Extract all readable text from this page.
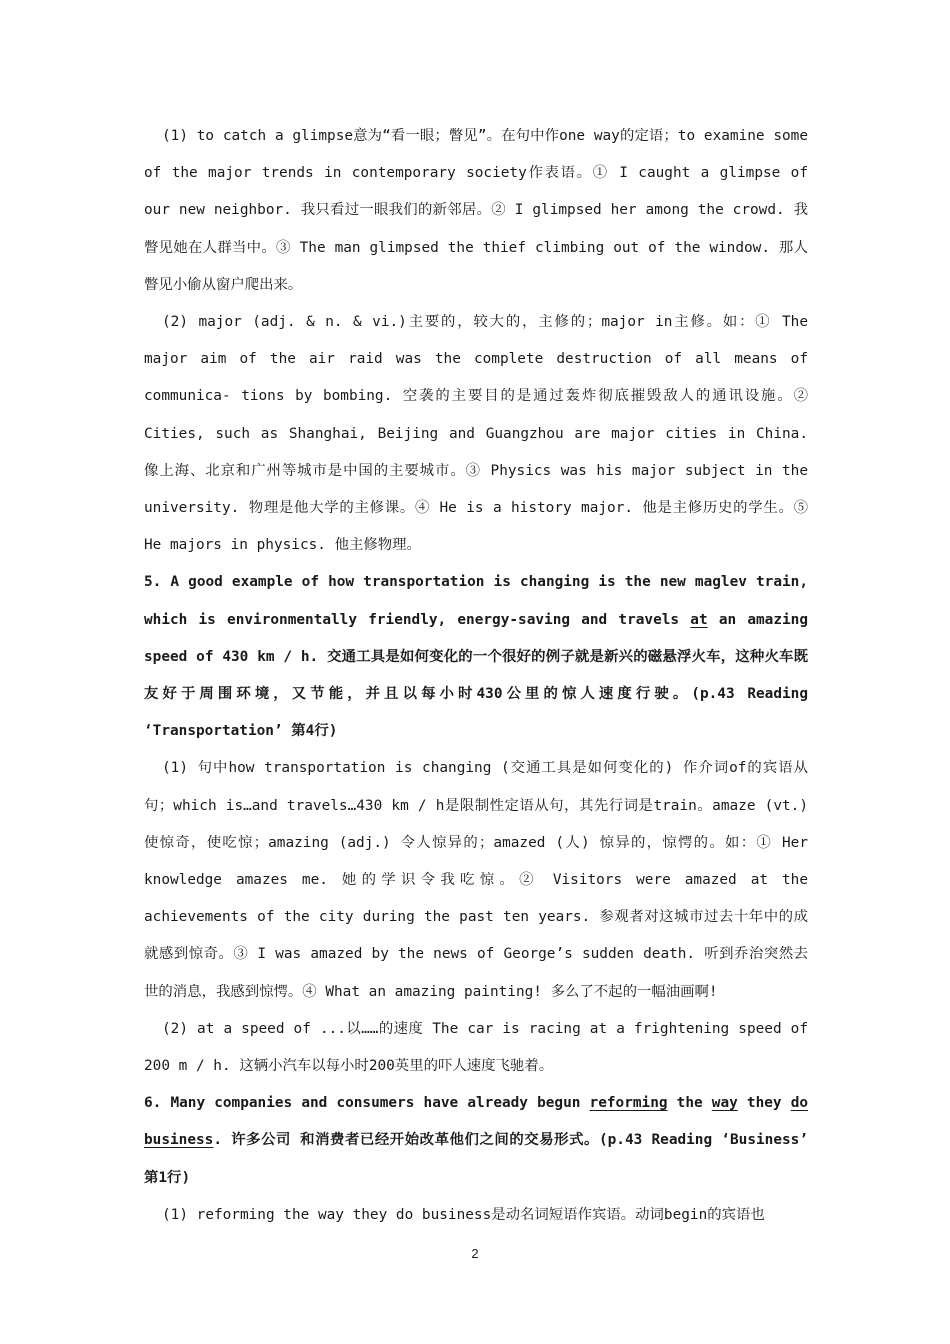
(1) to catch a glimpse意为“看一眼；瞥见”。在句中作one way的定语；to examine some of the major trends in contemporary society作表语。① I caught a glimpse of our new neighbor. 我只看过一眼我们的新邻居。② I glimpsed her among the crowd. 我瞥见她在人群当中。③ The man glimpsed the thief climbing out of the window. 那人瞥见小偷从窗户爬出来。

(2) major (adj. & n. & vi.)主要的，较大的，主修的；major in主修。如：① The major aim of the air raid was the complete destruction of all means of communica- tions by bombing. 空袭的主要目的是通过轰炸彻底摧毁敌人的通讯设施。② Cities, such as Shanghai, Beijing and Guangzhou are major cities in China. 像上海、北京和广州等城市是中国的主要城市。③ Physics was his major subject in the university. 物理是他大学的主修课。④ He is a history major. 他是主修历史的学生。⑤ He majors in physics. 他主修物理。

5. A good example of how transportation is changing is the new maglev train, which is environmentally friendly, energy-saving and travels at an amazing speed of 430 km / h. 交通工具是如何变化的一个很好的例子就是新兴的磁悬浮火车，这种火车既友好于周围环境，又节能，并且以每小时430公里的惊人速度行驶。(p.43 Reading ‘Transportation’ 第4行)

(1) 句中how transportation is changing (交通工具是如何变化的) 作介词of的宾语从句；which is…and travels…430 km / h是限制性定语从句，其先行词是train。amaze (vt.) 使惊奇，使吃惊；amazing (adj.) 令人惊异的；amazed (人) 惊异的，惊愕的。如：① Her knowledge amazes me. 她的学识令我吃惊。② Visitors were amazed at the achievements of the city during the past ten years. 参观者对这城市过去十年中的成就感到惊奇。③ I was amazed by the news of George’s sudden death. 听到乔治突然去世的消息，我感到惊愕。④ What an amazing painting! 多么了不起的一幅油画啊!

(2) at a speed of ...以……的速度 The car is racing at a frightening speed of 200 m / h. 这辆小汽车以每小时200英里的吓人速度飞驰着。

6. Many companies and consumers have already begun reforming the way they do business. 许多公司 和消费者已经开始改革他们之间的交易形式。(p.43 Reading ‘Business’ 第1行)

(1) reforming the way they do business是动名词短语作宾语。动词begin的宾语也

2
